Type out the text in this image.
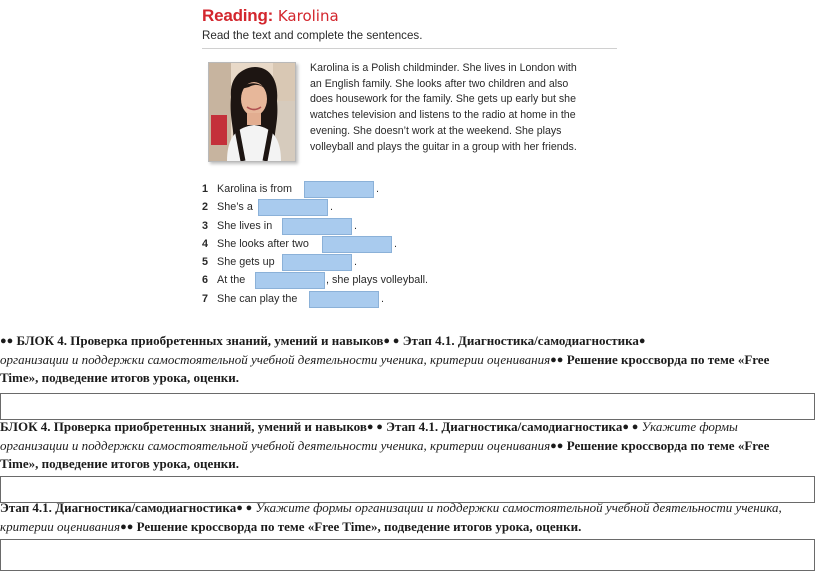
Reading: Karolina
Read the text and complete the sentences.
Karolina is a Polish childminder. She lives in London with
an English family. She looks after two children and also
does housework for the family. She gets up early but she
watches television and listens to the radio at home in the
evening. She doesn’t work at the weekend. She plays
volleyball and plays the guitar in a group with her friends.
1 Karolina is from	.
2 She’s a	.
3 She lives in	.
4 She looks after two	.
5 She gets up	.
6 At the	, she plays volleyball.
7 She can play the	.
●● БЛОК 4. Проверка приобретенных знаний, умений и навыков● ● Этап 4.1. Диагностика/самодиагностика●
организации и поддержки самостоятельной учебной деятельности ученика, критерии оценивания●● Решение кроссворда по теме «Free
Time», подведение итогов урока, оценки.
БЛОК 4. Проверка приобретенных знаний, умений и навыков● ● Этап 4.1. Диагностика/самодиагностика● ● Укажите формы
организации и поддержки самостоятельной учебной деятельности ученика, критерии оценивания●● Решение кроссворда по теме «Free
Time», подведение итогов урока, оценки.
Этап 4.1. Диагностика/самодиагностика● ● Укажите формы организации и поддержки самостоятельной учебной деятельности ученика,
критерии оценивания●● Решение кроссворда по теме «Free Time», подведение итогов урока, оценки.
